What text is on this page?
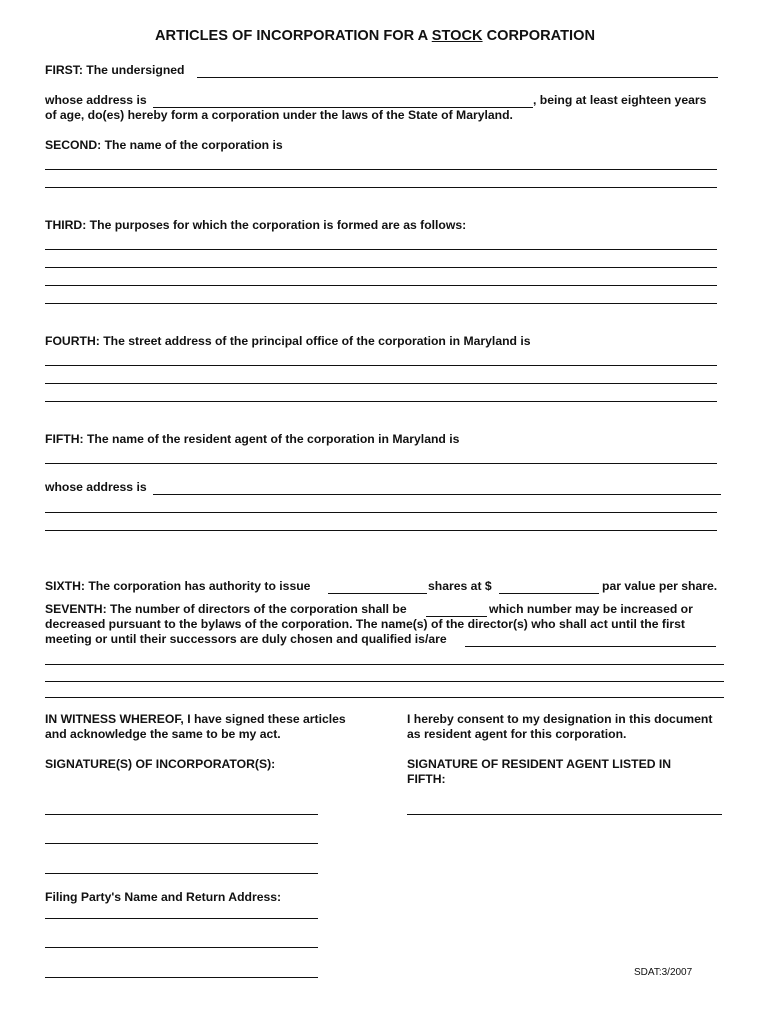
ARTICLES OF INCORPORATION FOR A STOCK CORPORATION
FIRST: The undersigned
whose address is	, being at least eighteen years
of age, do(es) hereby form a corporation under the laws of the State of Maryland.
SECOND: The name of the corporation is
THIRD: The purposes for which the corporation is formed are as follows:
FOURTH: The street address of the principal office of the corporation in Maryland is
FIFTH: The name of the resident agent of the corporation in Maryland is
whose address is
SIXTH: The corporation has authority to issue	shares at $	par value per share.
SEVENTH: The number of directors of the corporation shall be	which number may be increased or
decreased pursuant to the bylaws of the corporation. The name(s) of the director(s) who shall act until the first
meeting or until their successors are duly chosen and qualified is/are
IN WITNESS WHEREOF, I have signed these articles
and acknowledge the same to be my act.
I hereby consent to my designation in this document
as resident agent for this corporation.
SIGNATURE(S) OF INCORPORATOR(S):	SIGNATURE OF RESIDENT AGENT LISTED IN
FIFTH:
Filing Party's Name and Return Address:
SDAT:3/2007
